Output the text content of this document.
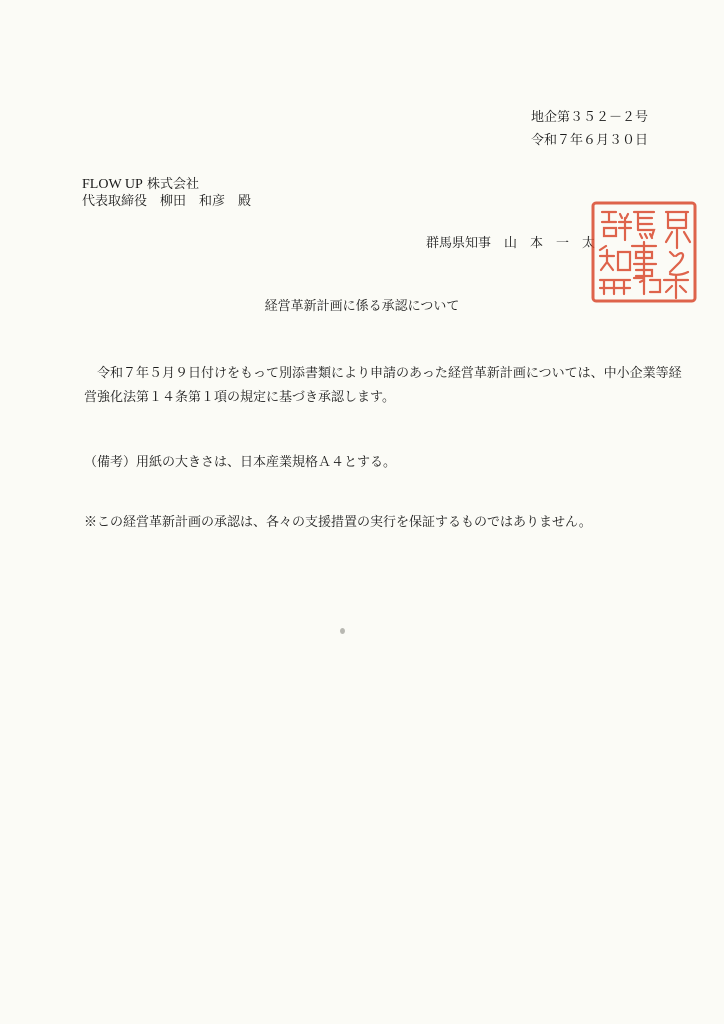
地企第３５２－２号
令和７年６月３０日
FLOW UP 株式会社
代表取締役　柳田　和彦　殿
群馬県知事　山　本　一　太
群馬県知事之印
経営革新計画に係る承認について
令和７年５月９日付けをもって別添書類により申請のあった経営革新計画については、中小企業等経営強化法第１４条第１項の規定に基づき承認します。
（備考）用紙の大きさは、日本産業規格Ａ４とする。
※この経営革新計画の承認は、各々の支援措置の実行を保証するものではありません。
